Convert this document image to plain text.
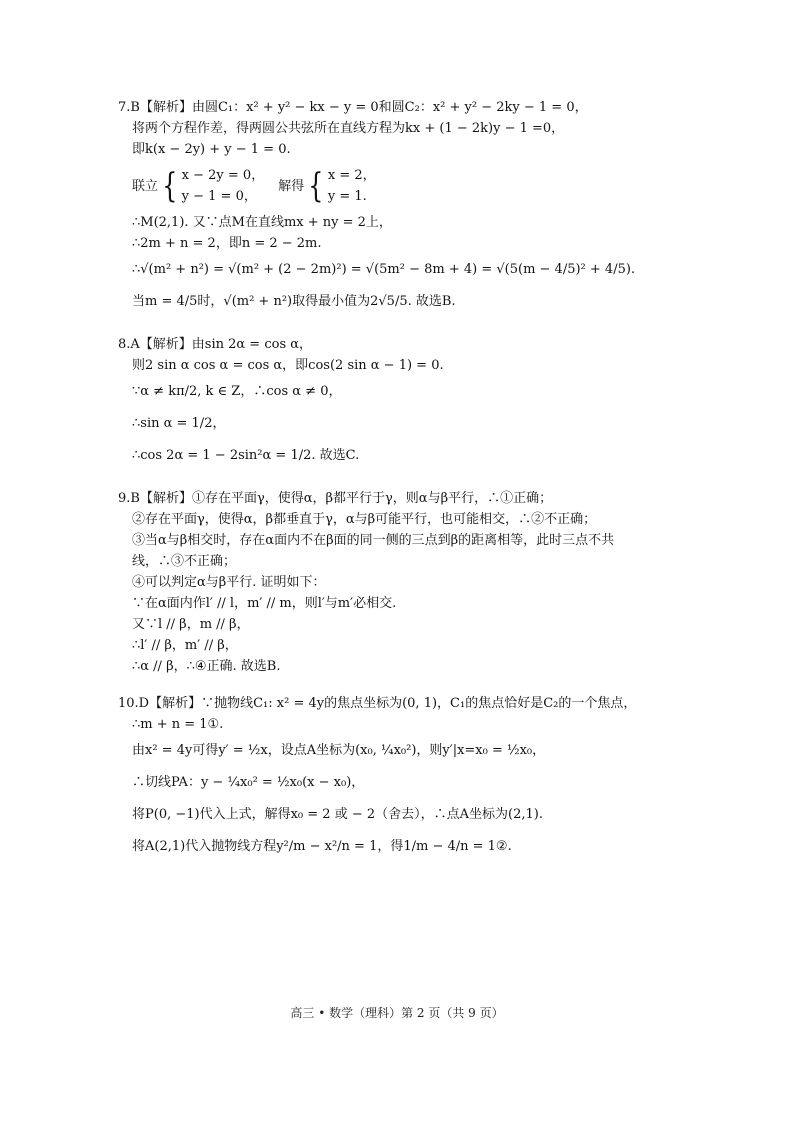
7.B【解析】由圆C₁：x² + y² − kx − y = 0和圆C₂：x² + y² − 2ky − 1 = 0，
将两个方程作差，得两圆公共弦所在直线方程为kx + (1 − 2k)y − 1 =0，
即k(x − 2y) + y − 1 = 0.
联立 { x − 2y = 0，
y − 1 = 0，
解得 { x = 2，
y = 1.
∴M(2,1). 又∵点M在直线mx + ny = 2上，
∴2m + n = 2，即n = 2 − 2m.
∴√(m² + n²) = √(m² + (2 − 2m)²) = √(5m² − 8m + 4) = √(5(m − 4/5)² + 4/5).
当m = 4/5时，√(m² + n²)取得最小值为2√5/5. 故选B.
8.A【解析】由sin 2α = cos α，
则2 sin α cos α = cos α，即cos(2 sin α − 1) = 0.
∵α ≠ kπ/2, k ∈ Z，∴cos α ≠ 0，
∴sin α = 1/2，
∴cos 2α = 1 − 2sin²α = 1/2. 故选C.
9.B【解析】①存在平面γ，使得α，β都平行于γ，则α与β平行，∴①正确；
②存在平面γ，使得α，β都垂直于γ，α与β可能平行，也可能相交，∴②不正确；
③当α与β相交时，存在α面内不在β面的同一侧的三点到β的距离相等，此时三点不共
线，∴③不正确；
④可以判定α与β平行. 证明如下：
∵在α面内作l′ // l，m′ // m，则l′与m′必相交.
又∵l // β，m // β，
∴l′ // β，m′ // β，
∴α // β，∴④正确. 故选B.
10.D【解析】∵抛物线C₁: x² = 4y的焦点坐标为(0, 1)，C₁的焦点恰好是C₂的一个焦点，
∴m + n = 1①.
由x² = 4y可得y′ = ½x，设点A坐标为(x₀, ¼x₀²)，则y′|x=x₀ = ½x₀，
∴切线PA：y − ¼x₀² = ½x₀(x − x₀)，
将P(0, −1)代入上式，解得x₀ = 2 或 − 2（舍去），∴点A坐标为(2,1).
将A(2,1)代入抛物线方程y²/m − x²/n = 1，得1/m − 4/n = 1②.
高三 • 数学（理科）第 2 页（共 9 页）
